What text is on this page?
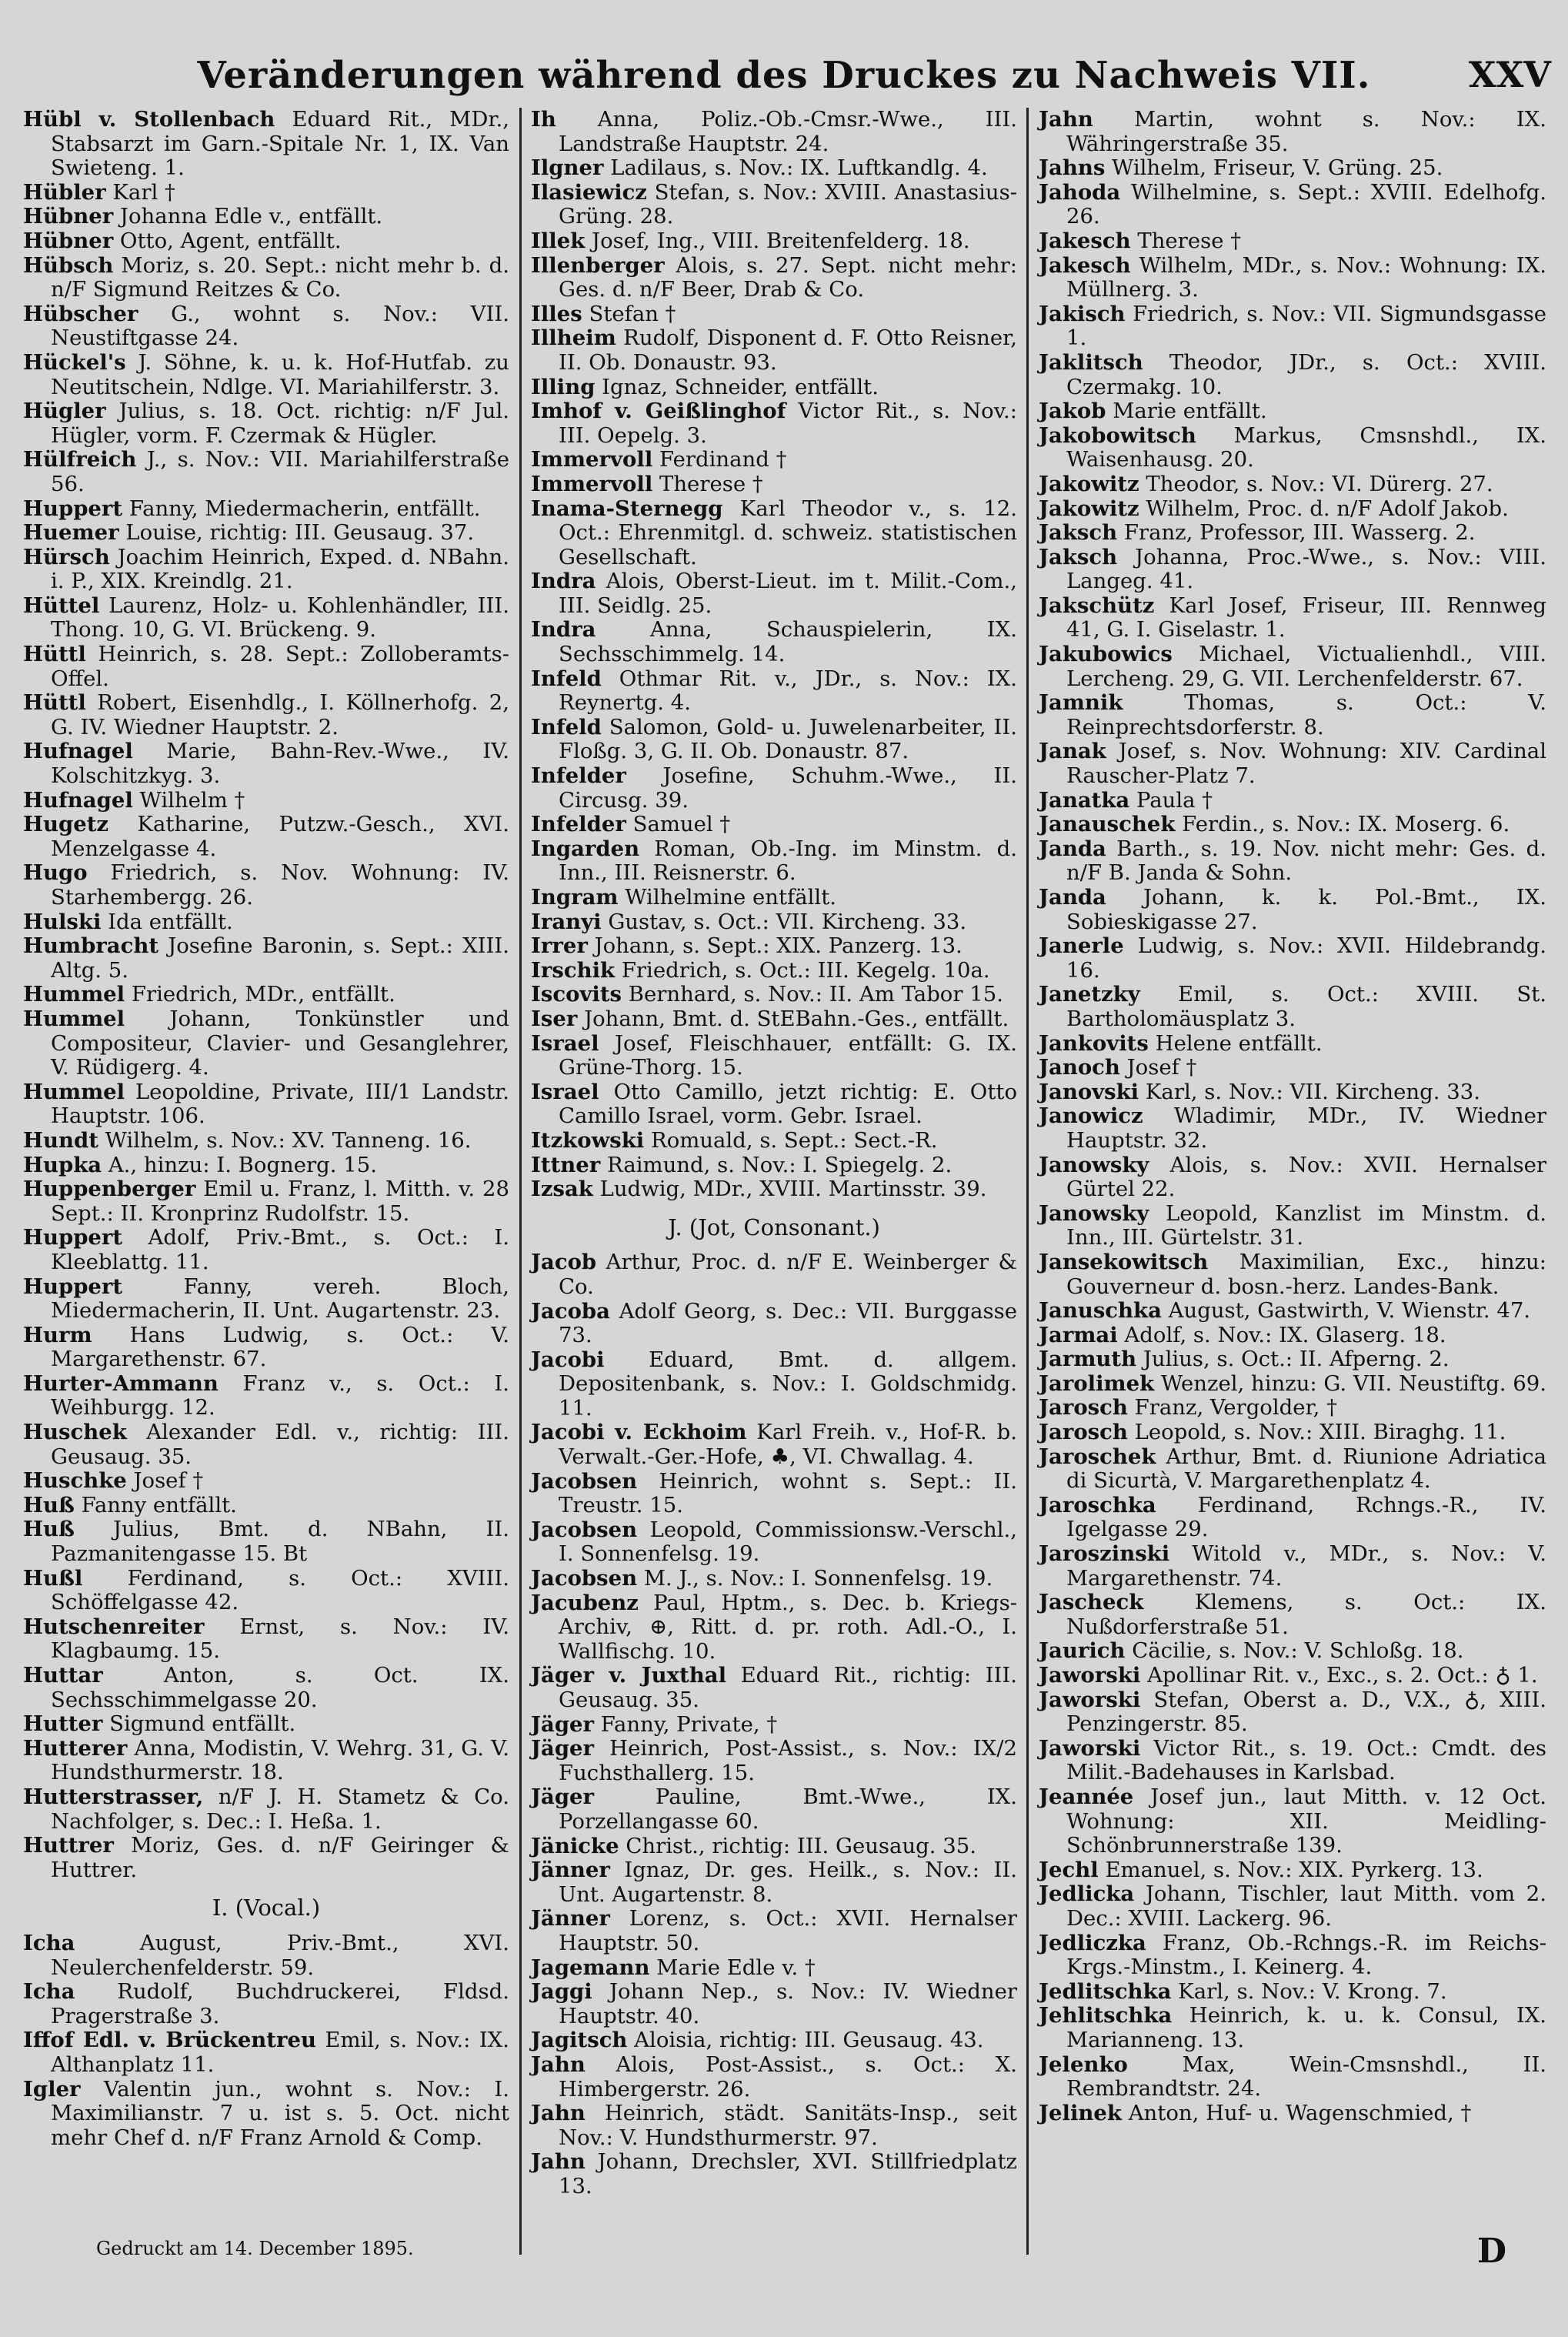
Veränderungen während des Druckes zu Nachweis VII.	XXV
Hübl v. Stollenbach Eduard Rit., MDr., Stabsarzt im Garn.-Spitale Nr. 1, IX. Van Swieteng. 1.
Hübler Karl †
Hübner Johanna Edle v., entfällt.
Hübner Otto, Agent, entfällt.
Hübsch Moriz, s. 20. Sept.: nicht mehr b. d. n/F Sigmund Reitzes & Co.
Hübscher G., wohnt s. Nov.: VII. Neustiftgasse 24.
Hückel's J. Söhne, k. u. k. Hof-Hutfab. zu Neutitschein, Ndlge. VI. Mariahilferstr. 3.
Hügler Julius, s. 18. Oct. richtig: n/F Jul. Hügler, vorm. F. Czermak & Hügler.
Hülfreich J., s. Nov.: VII. Mariahilferstraße 56.
Huppert Fanny, Miedermacherin, entfällt.
Huemer Louise, richtig: III. Geusaug. 37.
Hürsch Joachim Heinrich, Exped. d. NBahn. i. P., XIX. Kreindlg. 21.
Hüttel Laurenz, Holz- u. Kohlenhändler, III. Thong. 10, G. VI. Brückeng. 9.
Hüttl Heinrich, s. 28. Sept.: Zolloberamts-Offel.
Hüttl Robert, Eisenhdlg., I. Köllnerhofg. 2, G. IV. Wiedner Hauptstr. 2.
Hufnagel Marie, Bahn-Rev.-Wwe., IV. Kolschitzkyg. 3.
Hufnagel Wilhelm †
Hugetz Katharine, Putzw.-Gesch., XVI. Menzelgasse 4.
Hugo Friedrich, s. Nov. Wohnung: IV. Starhembergg. 26.
Hulski Ida entfällt.
Humbracht Josefine Baronin, s. Sept.: XIII. Altg. 5.
Hummel Friedrich, MDr., entfällt.
Hummel Johann, Tonkünstler und Compositeur, Clavier- und Gesanglehrer, V. Rüdigerg. 4.
Hummel Leopoldine, Private, III/1 Landstr. Hauptstr. 106.
Hundt Wilhelm, s. Nov.: XV. Tanneng. 16.
Hupka A., hinzu: I. Bognerg. 15.
Huppenberger Emil u. Franz, l. Mitth. v. 28 Sept.: II. Kronprinz Rudolfstr. 15.
Huppert Adolf, Priv.-Bmt., s. Oct.: I. Kleeblattg. 11.
Huppert Fanny, vereh. Bloch, Miedermacherin, II. Unt. Augartenstr. 23.
Hurm Hans Ludwig, s. Oct.: V. Margarethenstr. 67.
Hurter-Ammann Franz v., s. Oct.: I. Weihburgg. 12.
Huschek Alexander Edl. v., richtig: III. Geusaug. 35.
Huschke Josef †
Huß Fanny entfällt.
Huß Julius, Bmt. d. NBahn, II. Pazmanitengasse 15. Bt
Hußl Ferdinand, s. Oct.: XVIII. Schöffelgasse 42.
Hutschenreiter Ernst, s. Nov.: IV. Klagbaumg. 15.
Huttar Anton, s. Oct. IX. Sechsschimmelgasse 20.
Hutter Sigmund entfällt.
Hutterer Anna, Modistin, V. Wehrg. 31, G. V. Hundsthurmerstr. 18.
Hutterstrasser, n/F J. H. Stametz & Co. Nachfolger, s. Dec.: I. Heßa. 1.
Huttrer Moriz, Ges. d. n/F Geiringer & Huttrer.
I. (Vocal.)
Icha August, Priv.-Bmt., XVI. Neulerchenfelderstr. 59.
Icha Rudolf, Buchdruckerei, Fldsd. Pragerstraße 3.
Iffof Edl. v. Brückentreu Emil, s. Nov.: IX. Althanplatz 11.
Igler Valentin jun., wohnt s. Nov.: I. Maximilianstr. 7 u. ist s. 5. Oct. nicht mehr Chef d. n/F Franz Arnold & Comp.
Ih Anna, Poliz.-Ob.-Cmsr.-Wwe., III. Landstraße Hauptstr. 24.
Ilgner Ladilaus, s. Nov.: IX. Luftkandlg. 4.
Ilasiewicz Stefan, s. Nov.: XVIII. Anastasius-Grüng. 28.
Illek Josef, Ing., VIII. Breitenfelderg. 18.
Illenberger Alois, s. 27. Sept. nicht mehr: Ges. d. n/F Beer, Drab & Co.
Illes Stefan †
Illheim Rudolf, Disponent d. F. Otto Reisner, II. Ob. Donaustr. 93.
Illing Ignaz, Schneider, entfällt.
Imhof v. Geißlinghof Victor Rit., s. Nov.: III. Oepelg. 3.
Immervoll Ferdinand †
Immervoll Therese †
Inama-Sternegg Karl Theodor v., s. 12. Oct.: Ehrenmitgl. d. schweiz. statistischen Gesellschaft.
Indra Alois, Oberst-Lieut. im t. Milit.-Com., III. Seidlg. 25.
Indra Anna, Schauspielerin, IX. Sechsschimmelg. 14.
Infeld Othmar Rit. v., JDr., s. Nov.: IX. Reynertg. 4.
Infeld Salomon, Gold- u. Juwelenarbeiter, II. Floßg. 3, G. II. Ob. Donaustr. 87.
Infelder Josefine, Schuhm.-Wwe., II. Circusg. 39.
Infelder Samuel †
Ingarden Roman, Ob.-Ing. im Minstm. d. Inn., III. Reisnerstr. 6.
Ingram Wilhelmine entfällt.
Iranyi Gustav, s. Oct.: VII. Kircheng. 33.
Irrer Johann, s. Sept.: XIX. Panzerg. 13.
Irschik Friedrich, s. Oct.: III. Kegelg. 10a.
Iscovits Bernhard, s. Nov.: II. Am Tabor 15.
Iser Johann, Bmt. d. StEBahn.-Ges., entfällt.
Israel Josef, Fleischhauer, entfällt: G. IX. Grüne-Thorg. 15.
Israel Otto Camillo, jetzt richtig: E. Otto Camillo Israel, vorm. Gebr. Israel.
Itzkowski Romuald, s. Sept.: Sect.-R.
Ittner Raimund, s. Nov.: I. Spiegelg. 2.
Izsak Ludwig, MDr., XVIII. Martinsstr. 39.
J. (Jot, Consonant.)
Jacob Arthur, Proc. d. n/F E. Weinberger & Co.
Jacoba Adolf Georg, s. Dec.: VII. Burggasse 73.
Jacobi Eduard, Bmt. d. allgem. Depositenbank, s. Nov.: I. Goldschmidg. 11.
Jacobi v. Eckhoim Karl Freih. v., Hof-R. b. Verwalt.-Ger.-Hofe, ♣, VI. Chwallag. 4.
Jacobsen Heinrich, wohnt s. Sept.: II. Treustr. 15.
Jacobsen Leopold, Commissionsw.-Verschl., I. Sonnenfelsg. 19.
Jacobsen M. J., s. Nov.: I. Sonnenfelsg. 19.
Jacubenz Paul, Hptm., s. Dec. b. Kriegs-Archiv, ⊕, Ritt. d. pr. roth. Adl.-O., I. Wallfischg. 10.
Jäger v. Juxthal Eduard Rit., richtig: III. Geusaug. 35.
Jäger Fanny, Private, †
Jäger Heinrich, Post-Assist., s. Nov.: IX/2 Fuchsthallerg. 15.
Jäger Pauline, Bmt.-Wwe., IX. Porzellangasse 60.
Jänicke Christ., richtig: III. Geusaug. 35.
Jänner Ignaz, Dr. ges. Heilk., s. Nov.: II. Unt. Augartenstr. 8.
Jänner Lorenz, s. Oct.: XVII. Hernalser Hauptstr. 50.
Jagemann Marie Edle v. †
Jaggi Johann Nep., s. Nov.: IV. Wiedner Hauptstr. 40.
Jagitsch Aloisia, richtig: III. Geusaug. 43.
Jahn Alois, Post-Assist., s. Oct.: X. Himbergerstr. 26.
Jahn Heinrich, städt. Sanitäts-Insp., seit Nov.: V. Hundsthurmerstr. 97.
Jahn Johann, Drechsler, XVI. Stillfriedplatz 13.
Jahn Martin, wohnt s. Nov.: IX. Währingerstraße 35.
Jahns Wilhelm, Friseur, V. Grüng. 25.
Jahoda Wilhelmine, s. Sept.: XVIII. Edelhofg. 26.
Jakesch Therese †
Jakesch Wilhelm, MDr., s. Nov.: Wohnung: IX. Müllnerg. 3.
Jakisch Friedrich, s. Nov.: VII. Sigmundsgasse 1.
Jaklitsch Theodor, JDr., s. Oct.: XVIII. Czermakg. 10.
Jakob Marie entfällt.
Jakobowitsch Markus, Cmsnshdl., IX. Waisenhausg. 20.
Jakowitz Theodor, s. Nov.: VI. Dürerg. 27.
Jakowitz Wilhelm, Proc. d. n/F Adolf Jakob.
Jaksch Franz, Professor, III. Wasserg. 2.
Jaksch Johanna, Proc.-Wwe., s. Nov.: VIII. Langeg. 41.
Jakschütz Karl Josef, Friseur, III. Rennweg 41, G. I. Giselastr. 1.
Jakubowics Michael, Victualienhdl., VIII. Lercheng. 29, G. VII. Lerchenfelderstr. 67.
Jamnik Thomas, s. Oct.: V. Reinprechtsdorferstr. 8.
Janak Josef, s. Nov. Wohnung: XIV. Cardinal Rauscher-Platz 7.
Janatka Paula †
Janauschek Ferdin., s. Nov.: IX. Moserg. 6.
Janda Barth., s. 19. Nov. nicht mehr: Ges. d. n/F B. Janda & Sohn.
Janda Johann, k. k. Pol.-Bmt., IX. Sobieskigasse 27.
Janerle Ludwig, s. Nov.: XVII. Hildebrandg. 16.
Janetzky Emil, s. Oct.: XVIII. St. Bartholomäusplatz 3.
Jankovits Helene entfällt.
Janoch Josef †
Janovski Karl, s. Nov.: VII. Kircheng. 33.
Janowicz Wladimir, MDr., IV. Wiedner Hauptstr. 32.
Janowsky Alois, s. Nov.: XVII. Hernalser Gürtel 22.
Janowsky Leopold, Kanzlist im Minstm. d. Inn., III. Gürtelstr. 31.
Jansekowitsch Maximilian, Exc., hinzu: Gouverneur d. bosn.-herz. Landes-Bank.
Januschka August, Gastwirth, V. Wienstr. 47.
Jarmai Adolf, s. Nov.: IX. Glaserg. 18.
Jarmuth Julius, s. Oct.: II. Afperng. 2.
Jarolimek Wenzel, hinzu: G. VII. Neustiftg. 69.
Jarosch Franz, Vergolder, †
Jarosch Leopold, s. Nov.: XIII. Biraghg. 11.
Jaroschek Arthur, Bmt. d. Riunione Adriatica di Sicurtà, V. Margarethenplatz 4.
Jaroschka Ferdinand, Rchngs.-R., IV. Igelgasse 29.
Jaroszinski Witold v., MDr., s. Nov.: V. Margarethenstr. 74.
Jascheck Klemens, s. Oct.: IX. Nußdorferstraße 51.
Jaurich Cäcilie, s. Nov.: V. Schloßg. 18.
Jaworski Apollinar Rit. v., Exc., s. 2. Oct.: ♁ 1.
Jaworski Stefan, Oberst a. D., V.X., ♁, XIII. Penzingerstr. 85.
Jaworski Victor Rit., s. 19. Oct.: Cmdt. des Milit.-Badehauses in Karlsbad.
Jeannée Josef jun., laut Mitth. v. 12 Oct. Wohnung: XII. Meidling-Schönbrunnerstraße 139.
Jechl Emanuel, s. Nov.: XIX. Pyrkerg. 13.
Jedlicka Johann, Tischler, laut Mitth. vom 2. Dec.: XVIII. Lackerg. 96.
Jedliczka Franz, Ob.-Rchngs.-R. im Reichs-Krgs.-Minstm., I. Keinerg. 4.
Jedlitschka Karl, s. Nov.: V. Krong. 7.
Jehlitschka Heinrich, k. u. k. Consul, IX. Marianneng. 13.
Jelenko Max, Wein-Cmsnshdl., II. Rembrandtstr. 24.
Jelinek Anton, Huf- u. Wagenschmied, †
Gedruckt am 14. December 1895.	D
